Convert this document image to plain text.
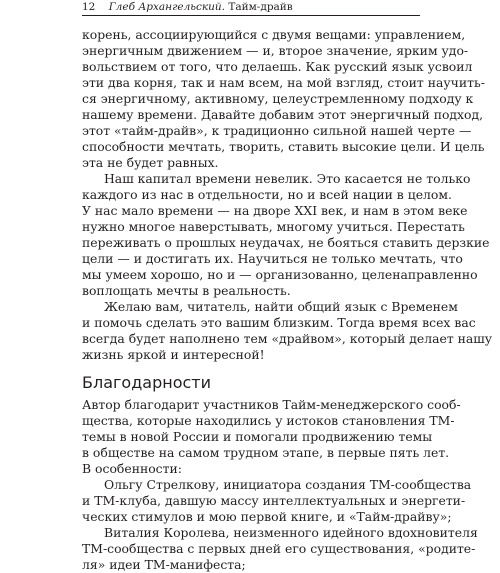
12 Глеб Архангельский. Тайм-драйв
корень, ассоциирующийся с двумя вещами: управлением,
энергичным движением — и, второе значение, ярким удо-
вольствием от того, что делаешь. Как русский язык усвоил
эти два корня, так и нам всем, на мой взгляд, стоит научить-
ся энергичному, активному, целеустремленному подходу к
нашему времени. Давайте добавим этот энергичный подход,
этот «тайм-драйв», к традиционно сильной нашей черте —
способности мечтать, творить, ставить высокие цели. И цель
эта не будет равных.
Наш капитал времени невелик. Это касается не только
каждого из нас в отдельности, но и всей нации в целом.
У нас мало времени — на дворе XXI век, и нам в этом веке
нужно многое наверстывать, многому учиться. Перестать
переживать о прошлых неудачах, не бояться ставить дерзкие
цели — и достигать их. Научиться не только мечтать, что
мы умеем хорошо, но и — организованно, целенаправленно
воплощать мечты в реальность.
Желаю вам, читатель, найти общий язык с Временем
и помочь сделать это вашим близким. Тогда время всех вас
всегда будет наполнено тем «драйвом», который делает нашу
жизнь яркой и интересной!
Благодарности
Автор благодарит участников Тайм-менеджерского сооб-
щества, которые находились у истоков становления ТМ-
темы в новой России и помогали продвижению темы
в обществе на самом трудном этапе, в первые пять лет.
В особенности:
Ольгу Стрелкову, инициатора создания ТМ-сообщества
и ТМ-клуба, давшую массу интеллектуальных и энергети-
ческих стимулов и мою первой книге, и «Тайм-драйву»;
Виталия Королева, неизменного идейного вдохновителя
ТМ-сообщества с первых дней его существования, «родите-
ля» идеи ТМ-манифеста;
